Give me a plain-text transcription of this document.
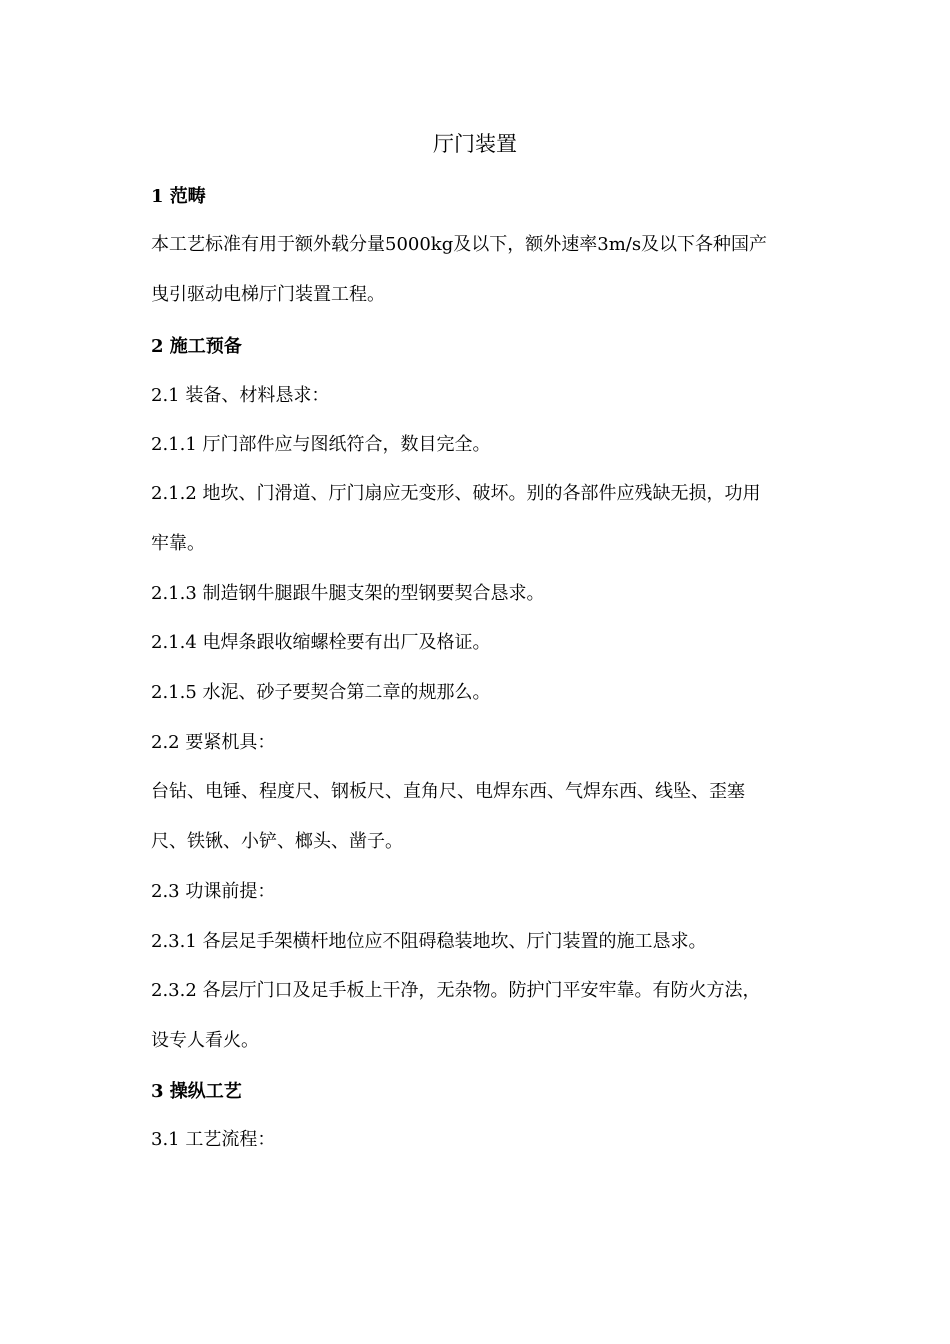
厅门装置

1 范畴

本工艺标准有用于额外载分量5000kg及以下，额外速率3m/s及以下各种国产

曳引驱动电梯厅门装置工程。

2 施工预备

2.1 装备、材料恳求：

2.1.1 厅门部件应与图纸符合，数目完全。

2.1.2 地坎、门滑道、厅门扇应无变形、破坏。别的各部件应残缺无损，功用

牢靠。

2.1.3 制造钢牛腿跟牛腿支架的型钢要契合恳求。

2.1.4 电焊条跟收缩螺栓要有出厂及格证。

2.1.5 水泥、砂子要契合第二章的规那么。

2.2 要紧机具：

台钻、电锤、程度尺、钢板尺、直角尺、电焊东西、气焊东西、线坠、歪塞

尺、铁锹、小铲、榔头、凿子。

2.3 功课前提：

2.3.1 各层足手架横杆地位应不阻碍稳装地坎、厅门装置的施工恳求。

2.3.2 各层厅门口及足手板上干净，无杂物。防护门平安牢靠。有防火方法，

设专人看火。

3 操纵工艺

3.1 工艺流程：
